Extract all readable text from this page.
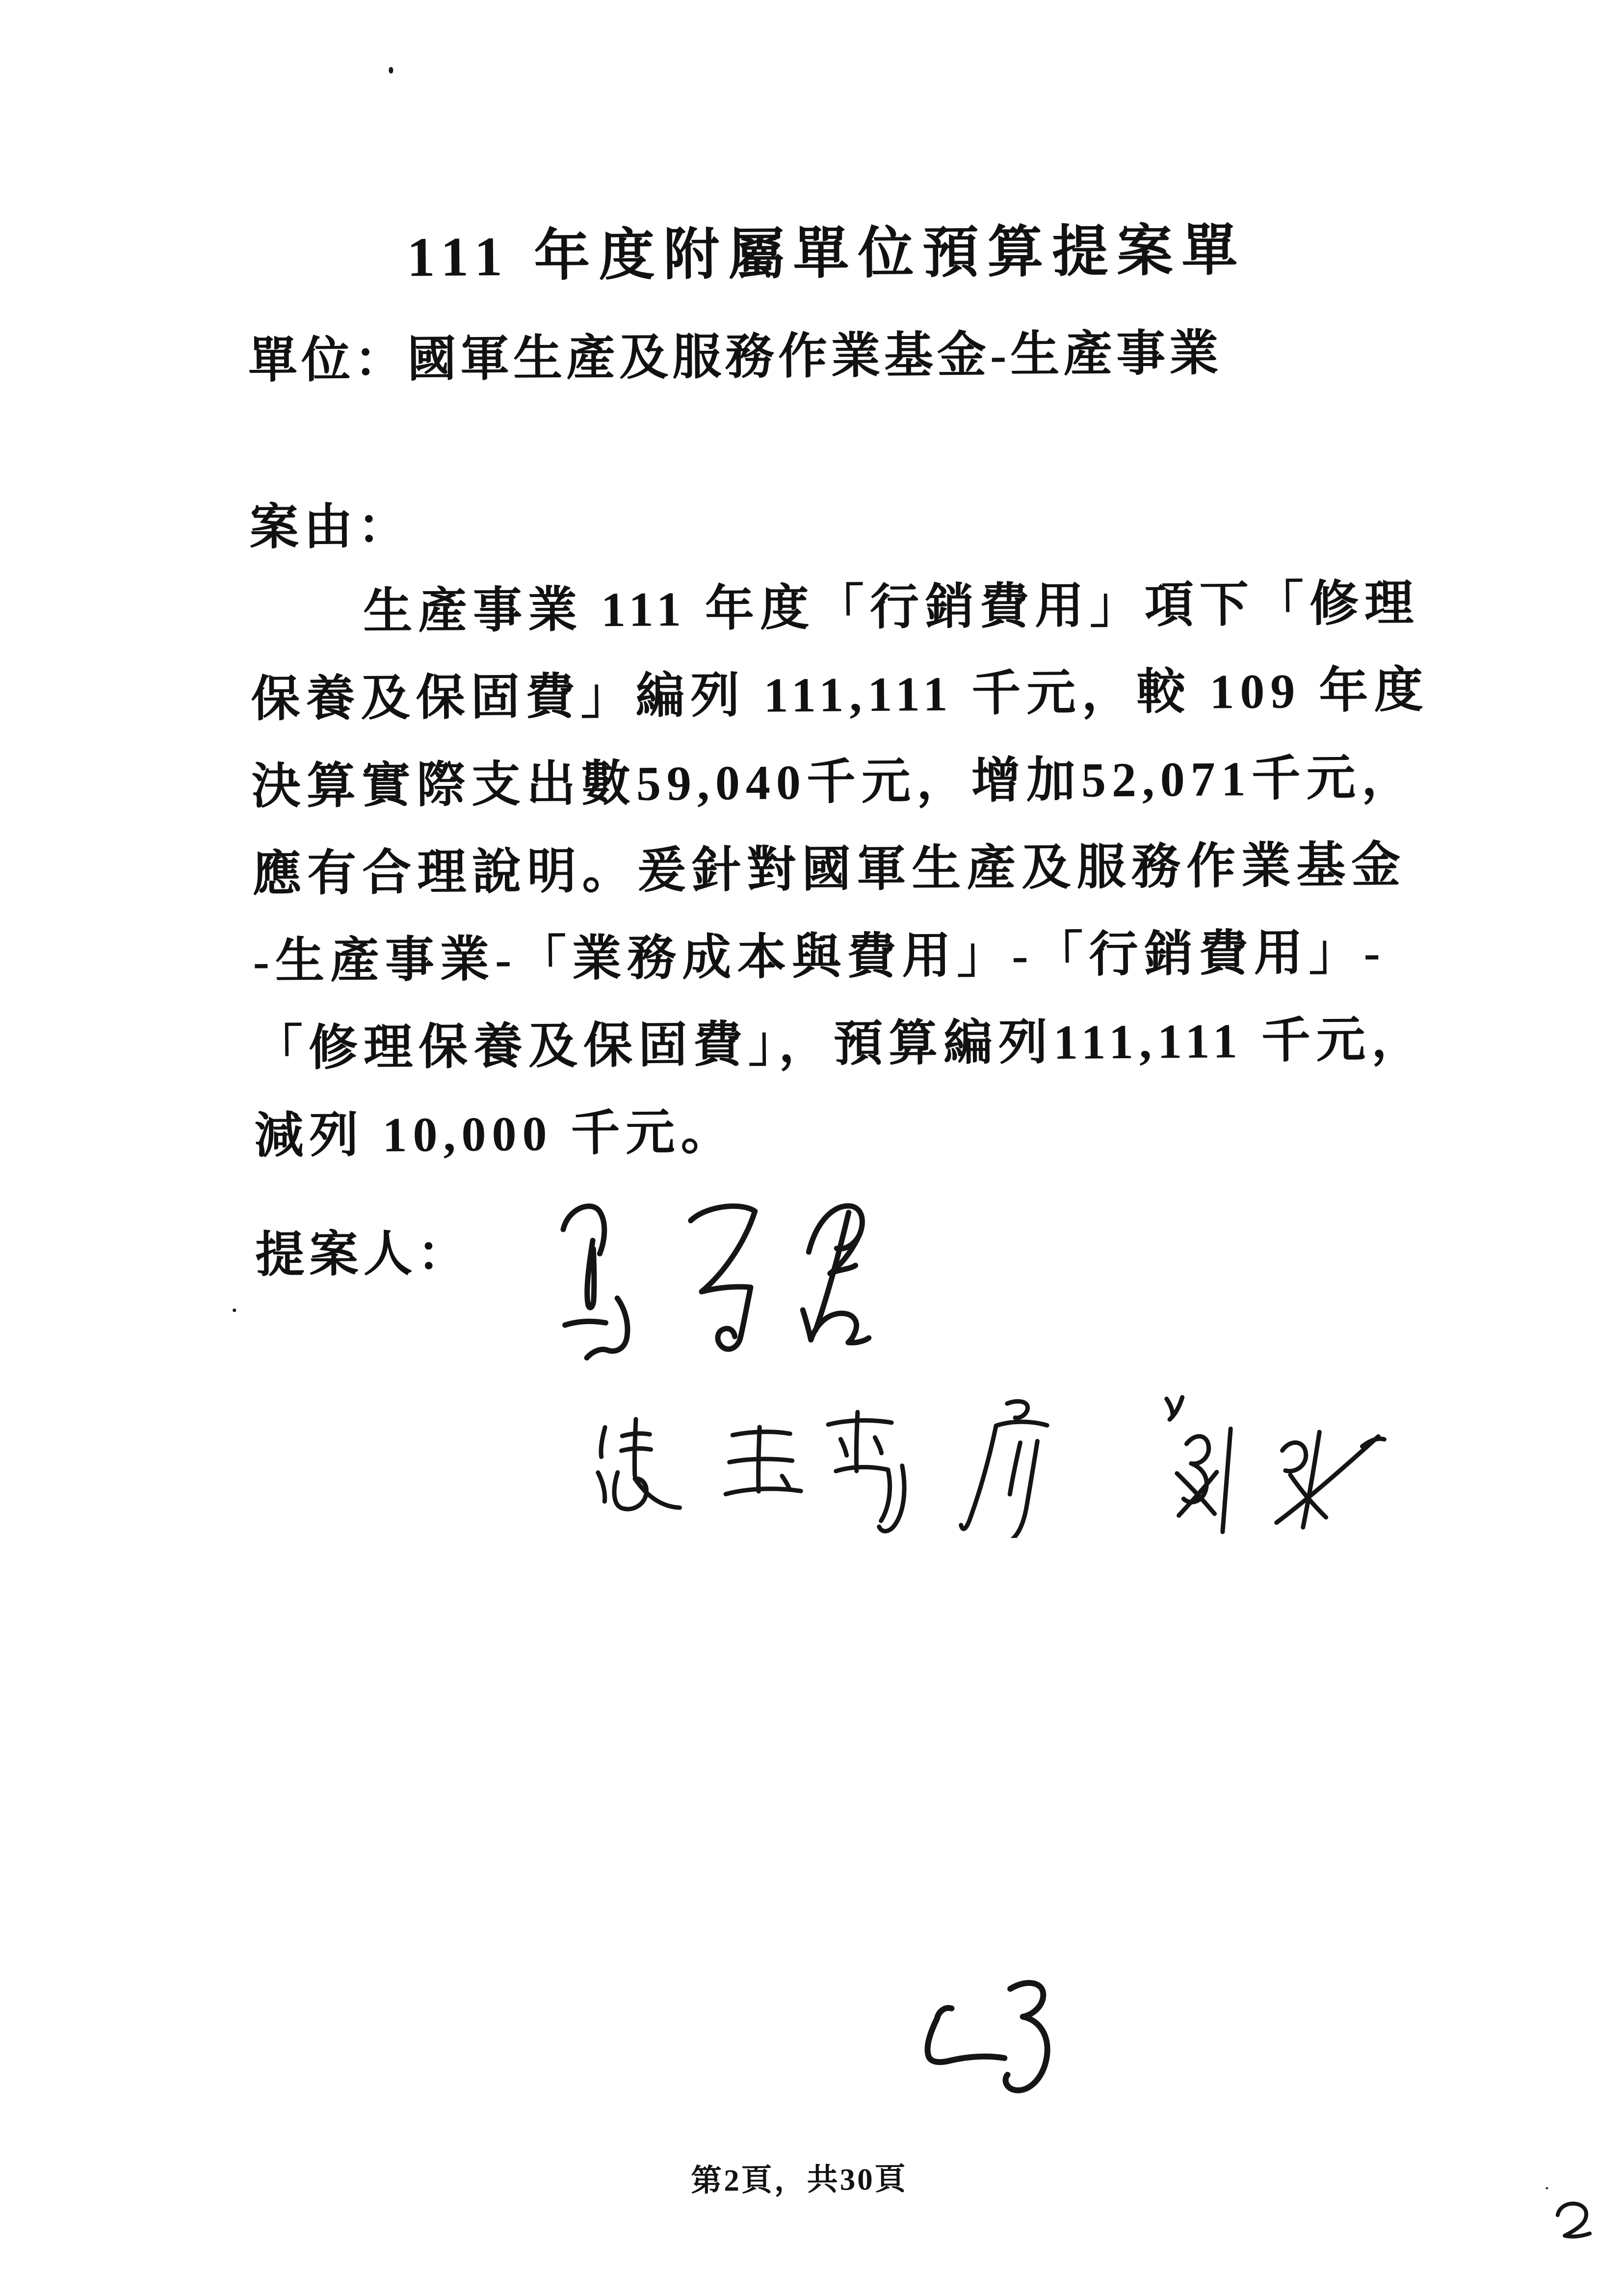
111 年度附屬單位預算提案單
單位：國軍生產及服務作業基金-生產事業
案由：
生產事業 111 年度「行銷費用」項下「修理
保養及保固費」編列 111,111 千元，較 109 年度
決算實際支出數59,040千元，增加52,071千元，
應有合理說明。爰針對國軍生產及服務作業基金
-生產事業-「業務成本與費用」-「行銷費用」-
「修理保養及保固費」，預算編列111,111 千元，
減列 10,000 千元。
提案人：
第2頁，共30頁
